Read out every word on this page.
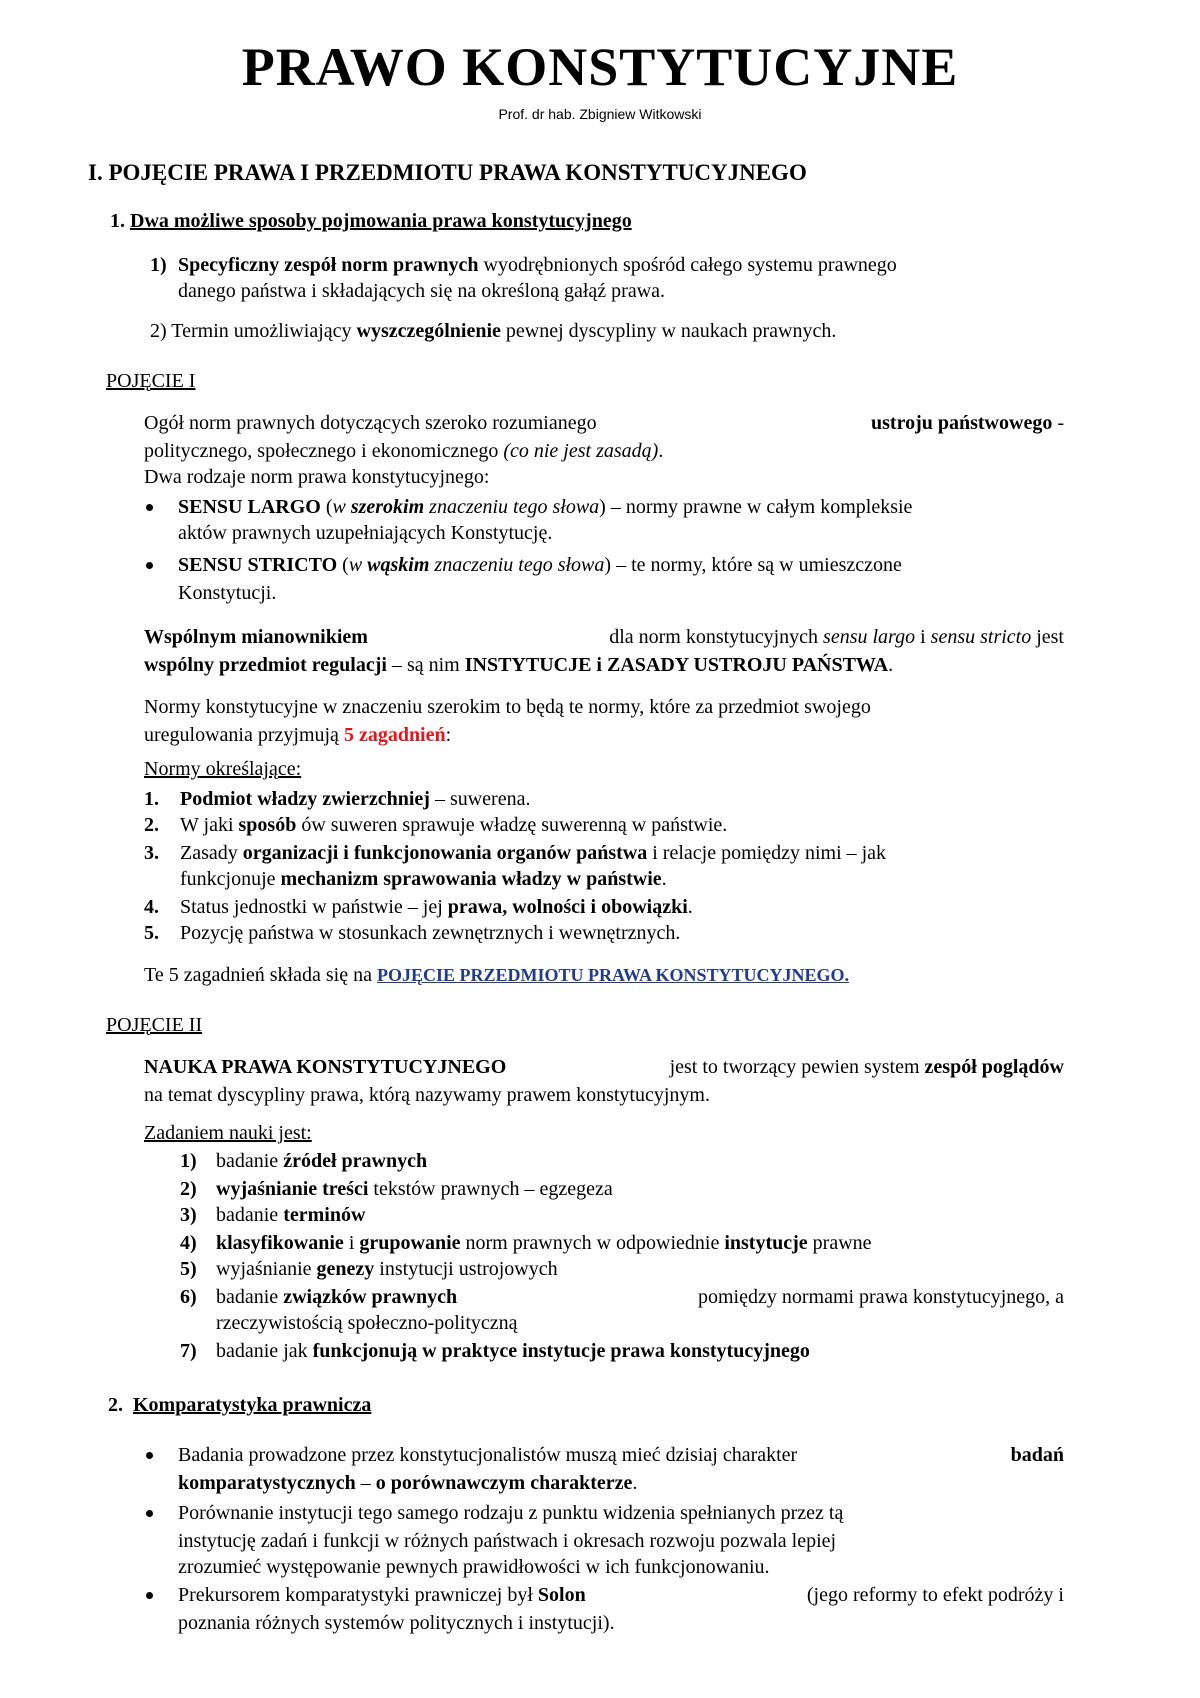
PRAWO KONSTYTUCYJNE
Prof. dr hab. Zbigniew Witkowski
I. POJĘCIE PRAWA I PRZEDMIOTU PRAWA KONSTYTUCYJNEGO
1. Dwa możliwe sposoby pojmowania prawa konstytucyjnego
1) Specyficzny zespół norm prawnych wyodrębnionych spośród całego systemu prawnego
danego państwa i składających się na określoną gałąź prawa.
2) Termin umożliwiający wyszczególnienie pewnej dyscypliny w naukach prawnych.
POJĘCIE I
Ogół norm prawnych dotyczących szeroko rozumianego	ustroju państwowego -
politycznego, społecznego i ekonomicznego (co nie jest zasadą).
Dwa rodzaje norm prawa konstytucyjnego:
SENSU LARGO (w szerokim znaczeniu tego słowa) – normy prawne w całym kompleksie
aktów prawnych uzupełniających Konstytucję.
SENSU STRICTO (w wąskim znaczeniu tego słowa) – te normy, które są w umieszczone
Konstytucji.
Wspólnym mianownikiem	dla norm konstytucyjnych sensu largo i sensu stricto jest
wspólny przedmiot regulacji – są nim INSTYTUCJE i ZASADY USTROJU PAŃSTWA.
Normy konstytucyjne w znaczeniu szerokim to będą te normy, które za przedmiot swojego
uregulowania przyjmują 5 zagadnień:
Normy określające:
1. Podmiot władzy zwierzchniej – suwerena.
2. W jaki sposób ów suweren sprawuje władzę suwerenną w państwie.
3. Zasady organizacji i funkcjonowania organów państwa i relacje pomiędzy nimi – jak
funkcjonuje mechanizm sprawowania władzy w państwie.
4. Status jednostki w państwie – jej prawa, wolności i obowiązki.
5. Pozycję państwa w stosunkach zewnętrznych i wewnętrznych.
Te 5 zagadnień składa się na POJĘCIE PRZEDMIOTU PRAWA KONSTYTUCYJNEGO.
POJĘCIE II
NAUKA PRAWA KONSTYTUCYJNEGO	jest to tworzący pewien system zespół poglądów
na temat dyscypliny prawa, którą nazywamy prawem konstytucyjnym.
Zadaniem nauki jest:
1) badanie źródeł prawnych
2) wyjaśnianie treści tekstów prawnych – egzegeza
3) badanie terminów
4) klasyfikowanie i grupowanie norm prawnych w odpowiednie instytucje prawne
5) wyjaśnianie genezy instytucji ustrojowych
6) badanie związków prawnych	pomiędzy normami prawa konstytucyjnego, a
rzeczywistością społeczno-polityczną
7) badanie jak funkcjonują w praktyce instytucje prawa konstytucyjnego
2. Komparatystyka prawnicza
Badania prowadzone przez konstytucjonalistów muszą mieć dzisiaj charakter	badań
komparatystycznych – o porównawczym charakterze.
Porównanie instytucji tego samego rodzaju z punktu widzenia spełnianych przez tą
instytucję zadań i funkcji w różnych państwach i okresach rozwoju pozwala lepiej
zrozumieć występowanie pewnych prawidłowości w ich funkcjonowaniu.
Prekursorem komparatystyki prawniczej był Solon	(jego reformy to efekt podróży i
poznania różnych systemów politycznych i instytucji).
